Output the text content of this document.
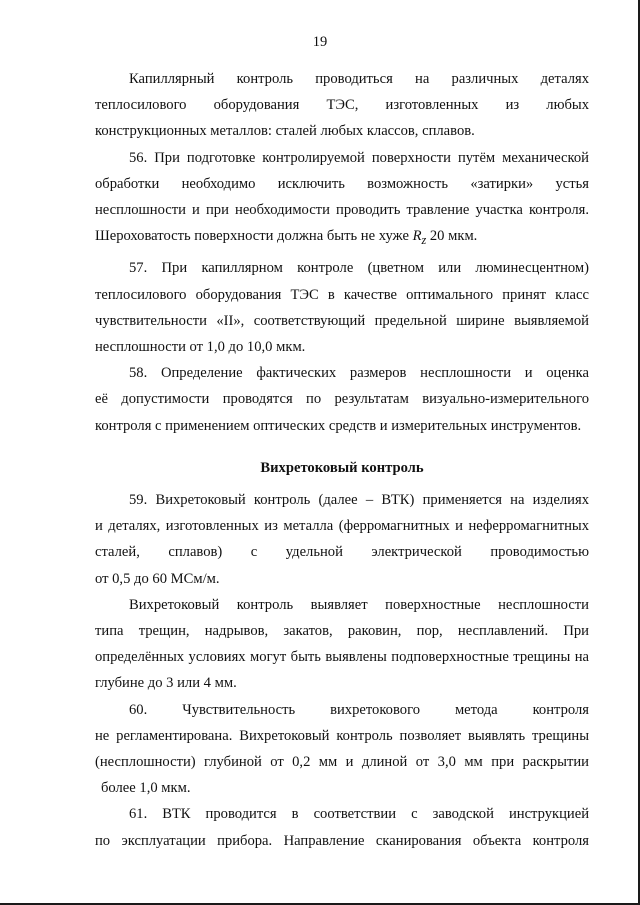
19

Капиллярный контроль проводиться на различных деталях
теплосилового оборудования ТЭС, изготовленных из любых
конструкционных металлов: сталей любых классов, сплавов.

56. При подготовке контролируемой поверхности путём механической
обработки необходимо исключить возможность «затирки» устья
несплошности и при необходимости проводить травление участка контроля.
Шероховатость поверхности должна быть не хуже $R_z$ 20 мкм.

57. При капиллярном контроле (цветном или люминесцентном)
теплосилового оборудования ТЭС в качестве оптимального принят класс
чувствительности «II», соответствующий предельной ширине выявляемой
несплошности от 1,0 до 10,0 мкм.

58. Определение фактических размеров несплошности и оценка
её допустимости проводятся по результатам визуально-измерительного
контроля с применением оптических средств и измерительных инструментов.

Вихретоковый контроль

59. Вихретоковый контроль (далее – ВТК) применяется на изделиях
и деталях, изготовленных из металла (ферромагнитных и неферромагнитных
сталей, сплавов) с удельной электрической проводимостью
от 0,5 до 60 МСм/м.

Вихретоковый контроль выявляет поверхностные несплошности
типа трещин, надрывов, закатов, раковин, пор, несплавлений. При
определённых условиях могут быть выявлены подповерхностные трещины на
глубине до 3 или 4 мм.

60. Чувствительность вихретокового метода контроля
не регламентирована. Вихретоковый контроль позволяет выявлять трещины
(несплошности) глубиной от 0,2 мм и длиной от 3,0 мм при раскрытии
более 1,0 мкм.

61. ВТК проводится в соответствии с заводской инструкцией
по эксплуатации прибора. Направление сканирования объекта контроля
